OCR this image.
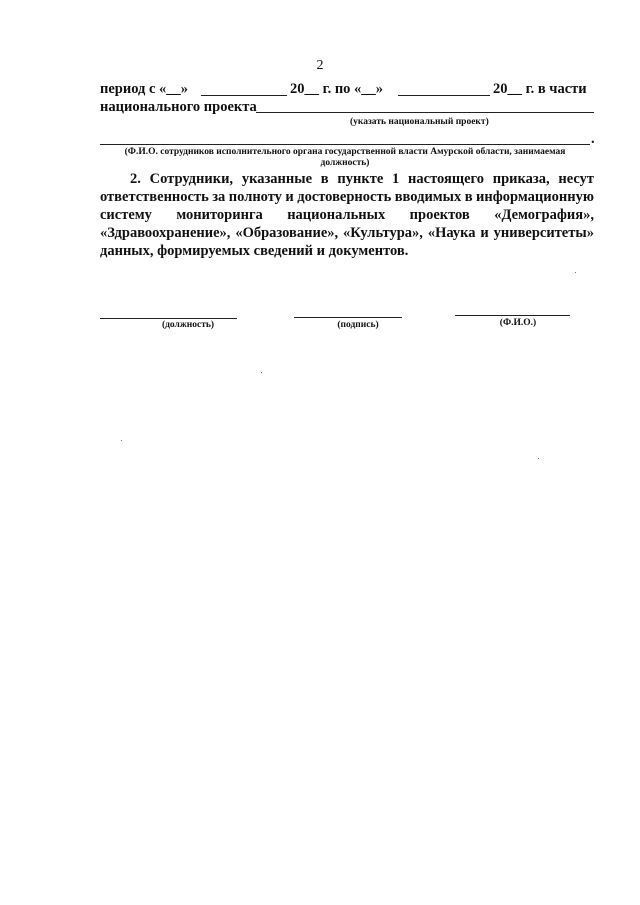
2
период с «__»	20__ г. по «__»	20__ г. в части
национального проекта
(указать национальный проект)
.
(Ф.И.О. сотрудников исполнительного органа государственной власти Амурской области, занимаемая
должность)
2. Сотрудники, указанные в пункте 1 настоящего приказа, несут
ответственность за полноту и достоверность вводимых в информационную
систему мониторинга национальных проектов «Демография»,
«Здравоохранение», «Образование», «Культура», «Наука и университеты»
данных, формируемых сведений и документов.
(должность)	(подпись)	(Ф.И.О.)
